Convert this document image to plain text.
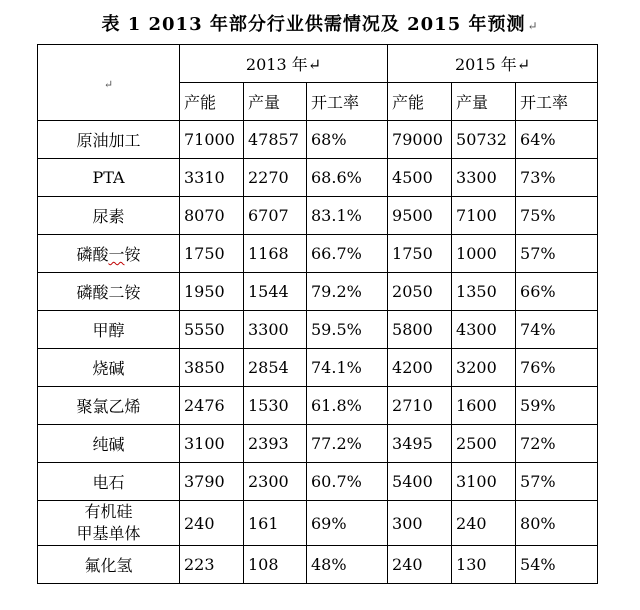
表 1 2013 年部分行业供需情况及 2015 年预测 ↵
↵	2013 年↵			2015 年↵		
	产能	产量	开工率	产能	产量	开工率
原油加工	71000	47857	68%	79000	50732	64%
PTA	3310	2270	68.6%	4500	3300	73%
尿素	8070	6707	83.1%	9500	7100	75%
磷酸一铵	1750	1168	66.7%	1750	1000	57%
磷酸二铵	1950	1544	79.2%	2050	1350	66%
甲醇	5550	3300	59.5%	5800	4300	74%
烧碱	3850	2854	74.1%	4200	3200	76%
聚氯乙烯	2476	1530	61.8%	2710	1600	59%
纯碱	3100	2393	77.2%	3495	2500	72%
电石	3790	2300	60.7%	5400	3100	57%
有机硅
甲基单体	240	161	69%	300	240	80%
氟化氢	223	108	48%	240	130	54%
